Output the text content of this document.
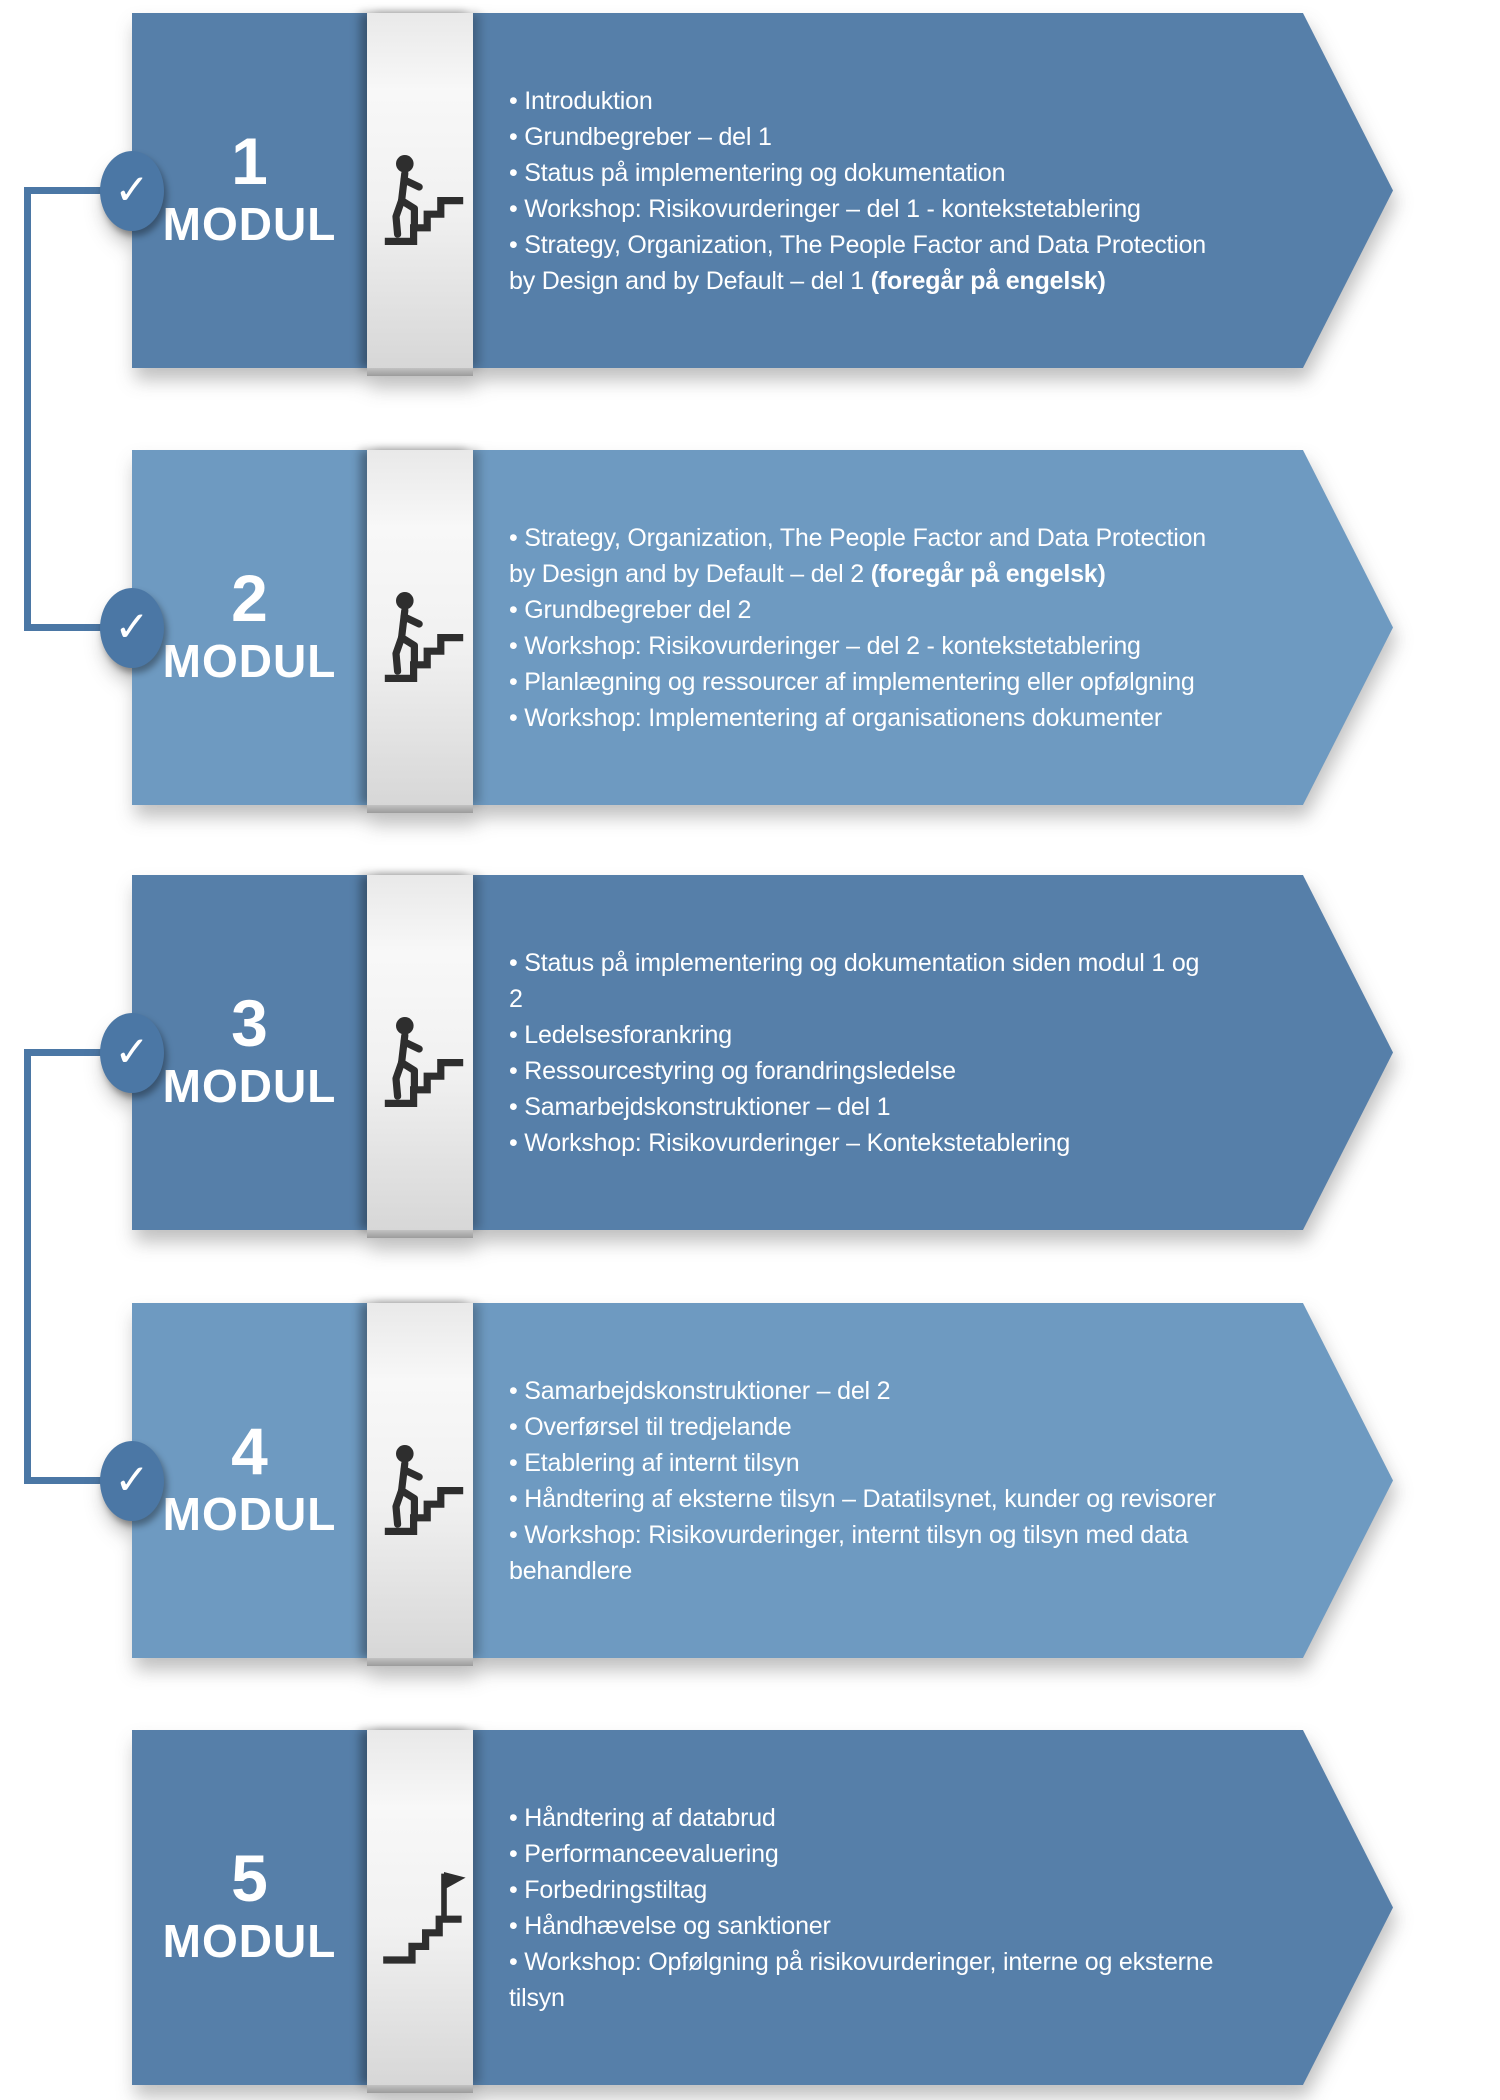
1
MODUL
• Introduktion
• Grundbegreber – del 1
• Status på implementering og dokumentation
• Workshop: Risikovurderinger – del 1 - kontekstetablering
• Strategy, Organization, The People Factor and Data Protection by Design and by Default – del 1 (foregår på engelsk)
✓
2
MODUL
• Strategy, Organization, The People Factor and Data Protection by Design and by Default – del 2 (foregår på engelsk)
• Grundbegreber del 2
• Workshop: Risikovurderinger – del 2 - kontekstetablering
• Planlægning og ressourcer af implementering eller opfølgning
• Workshop: Implementering af organisationens dokumenter
✓
3
MODUL
• Status på implementering og dokumentation siden modul 1 og 2
• Ledelsesforankring
• Ressourcestyring og forandringsledelse
• Samarbejdskonstruktioner – del 1
• Workshop: Risikovurderinger – Kontekstetablering
✓
4
MODUL
• Samarbejdskonstruktioner – del 2
• Overførsel til tredjelande
• Etablering af internt tilsyn
• Håndtering af eksterne tilsyn – Datatilsynet, kunder og revisorer
• Workshop: Risikovurderinger, internt tilsyn og tilsyn med data behandlere
✓
5
MODUL
• Håndtering af databrud
• Performanceevaluering
• Forbedringstiltag
• Håndhævelse og sanktioner
• Workshop: Opfølgning på risikovurderinger, interne og eksterne tilsyn
